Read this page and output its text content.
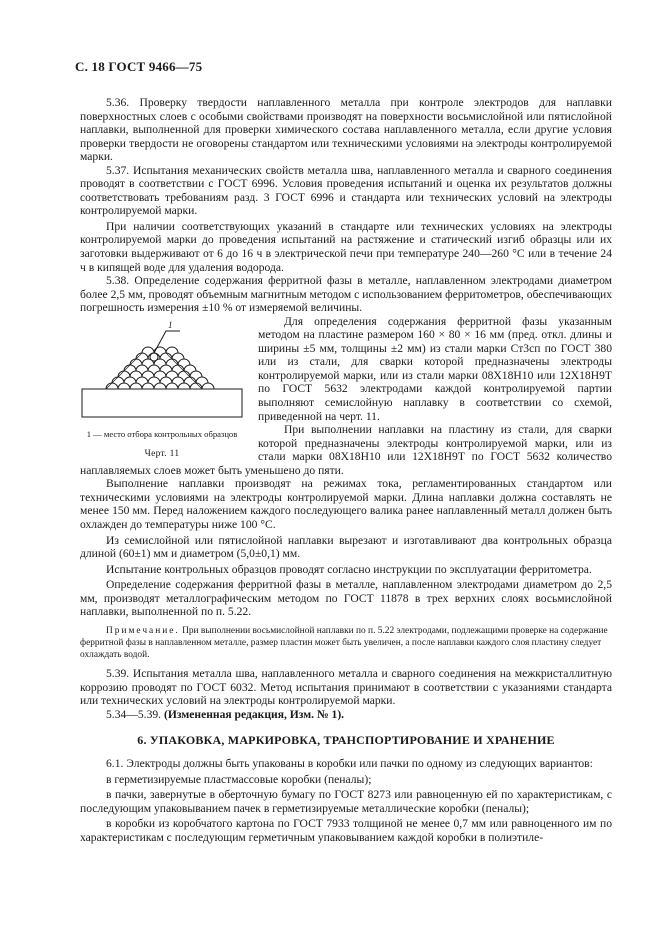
С. 18 ГОСТ 9466—75

5.36. Проверку твердости наплавленного металла при контроле электродов для наплавки поверхностных слоев с особыми свойствами производят на поверхности восьмислойной или пятислойной наплавки, выполненной для проверки химического состава наплавленного металла, если другие условия проверки твердости не оговорены стандартом или техническими условиями на электроды контролируемой марки.

5.37. Испытания механических свойств металла шва, наплавленного металла и сварного соединения проводят в соответствии с ГОСТ 6996. Условия проведения испытаний и оценка их результатов должны соответствовать требованиям разд. 3 ГОСТ 6996 и стандарта или технических условий на электроды контролируемой марки.

При наличии соответствующих указаний в стандарте или технических условиях на электроды контролируемой марки до проведения испытаний на растяжение и статический изгиб образцы или их заготовки выдерживают от 6 до 16 ч в электрической печи при температуре 240—260 °С или в течение 24 ч в кипящей воде для удаления водорода.

5.38. Определение содержания ферритной фазы в металле, наплавленном электродами диаметром более 2,5 мм, проводят объемным магнитным методом с использованием ферритометров, обеспечивающих погрешность измерения ±10 % от измеряемой величины.

1
1 — место отбора контрольных образцов
Черт. 11

Для определения содержания ферритной фазы указанным методом на пластине размером 160 × 80 × 16 мм (пред. откл. длины и ширины ±5 мм, толщины ±2 мм) из стали марки Ст3сп по ГОСТ 380 или из стали, для сварки которой предназначены электроды контролируемой марки, или из стали марки 08Х18Н10 или 12Х18Н9Т по ГОСТ 5632 электродами каждой контролируемой партии выполняют семислойную наплавку в соответствии со схемой, приведенной на черт. 11.

При выполнении наплавки на пластину из стали, для сварки которой предназначены электроды контролируемой марки, или из стали марки 08Х18Н10 или 12Х18Н9Т по ГОСТ 5632 количество наплавляемых слоев может быть уменьшено до пяти.

Выполнение наплавки производят на режимах тока, регламентированных стандартом или техническими условиями на электроды контролируемой марки. Длина наплавки должна составлять не менее 150 мм. Перед наложением каждого последующего валика ранее наплавленный металл должен быть охлажден до температуры ниже 100 °С.

Из семислойной или пятислойной наплавки вырезают и изготавливают два контрольных образца длиной (60±1) мм и диаметром (5,0±0,1) мм.

Испытание контрольных образцов проводят согласно инструкции по эксплуатации ферритометра.

Определение содержания ферритной фазы в металле, наплавленном электродами диаметром до 2,5 мм, производят металлографическим методом по ГОСТ 11878 в трех верхних слоях восьмислойной наплавки, выполненной по п. 5.22.

Примечание. При выполнении восьмислойной наплавки по п. 5.22 электродами, подлежащими проверке на содержание ферритной фазы в наплавленном металле, размер пластин может быть увеличен, а после наплавки каждого слоя пластину следует охлаждать водой.

5.39. Испытания металла шва, наплавленного металла и сварного соединения на межкристаллитную коррозию проводят по ГОСТ 6032. Метод испытания принимают в соответствии с указаниями стандарта или технических условий на электроды контролируемой марки.

5.34—5.39. (Измененная редакция, Изм. № 1).

6. УПАКОВКА, МАРКИРОВКА, ТРАНСПОРТИРОВАНИЕ И ХРАНЕНИЕ

6.1. Электроды должны быть упакованы в коробки или пачки по одному из следующих вариантов:

в герметизируемые пластмассовые коробки (пеналы);

в пачки, завернутые в оберточную бумагу по ГОСТ 8273 или равноценную ей по характеристикам, с последующим упаковыванием пачек в герметизируемые металлические коробки (пеналы);

в коробки из коробчатого картона по ГОСТ 7933 толщиной не менее 0,7 мм или равноценного им по характеристикам с последующим герметичным упаковыванием каждой коробки в полиэтиле-
